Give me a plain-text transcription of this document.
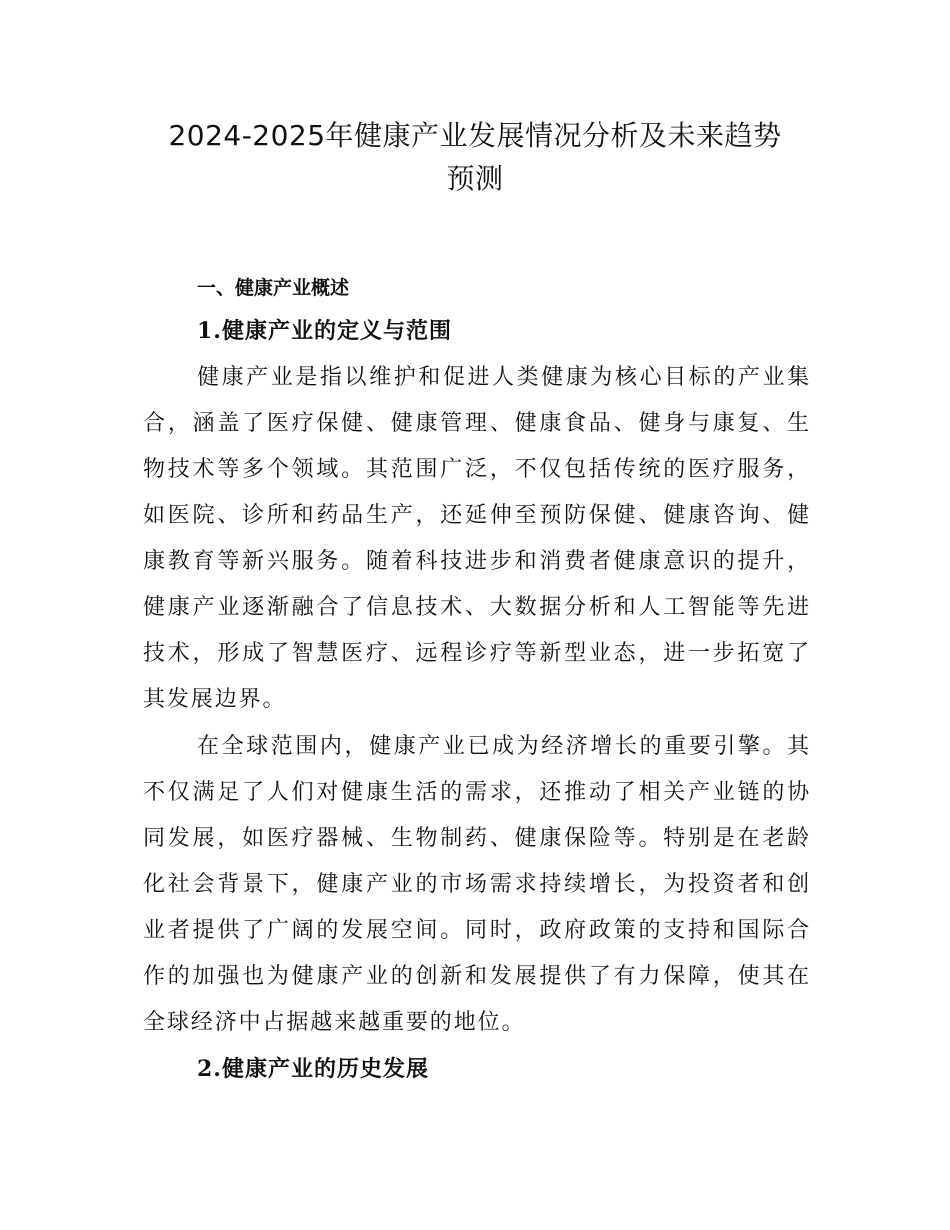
2024-2025年健康产业发展情况分析及未来趋势
预测
一、健康产业概述
1.健康产业的定义与范围

健康产业是指以维护和促进人类健康为核心目标的产业集合，涵盖了医疗保健、健康管理、健康食品、健身与康复、生物技术等多个领域。其范围广泛，不仅包括传统的医疗服务，如医院、诊所和药品生产，还延伸至预防保健、健康咨询、健康教育等新兴服务。随着科技进步和消费者健康意识的提升，健康产业逐渐融合了信息技术、大数据分析和人工智能等先进技术，形成了智慧医疗、远程诊疗等新型业态，进一步拓宽了其发展边界。

在全球范围内，健康产业已成为经济增长的重要引擎。其不仅满足了人们对健康生活的需求，还推动了相关产业链的协同发展，如医疗器械、生物制药、健康保险等。特别是在老龄化社会背景下，健康产业的市场需求持续增长，为投资者和创业者提供了广阔的发展空间。同时，政府政策的支持和国际合作的加强也为健康产业的创新和发展提供了有力保障，使其在全球经济中占据越来越重要的地位。

2.健康产业的历史发展
